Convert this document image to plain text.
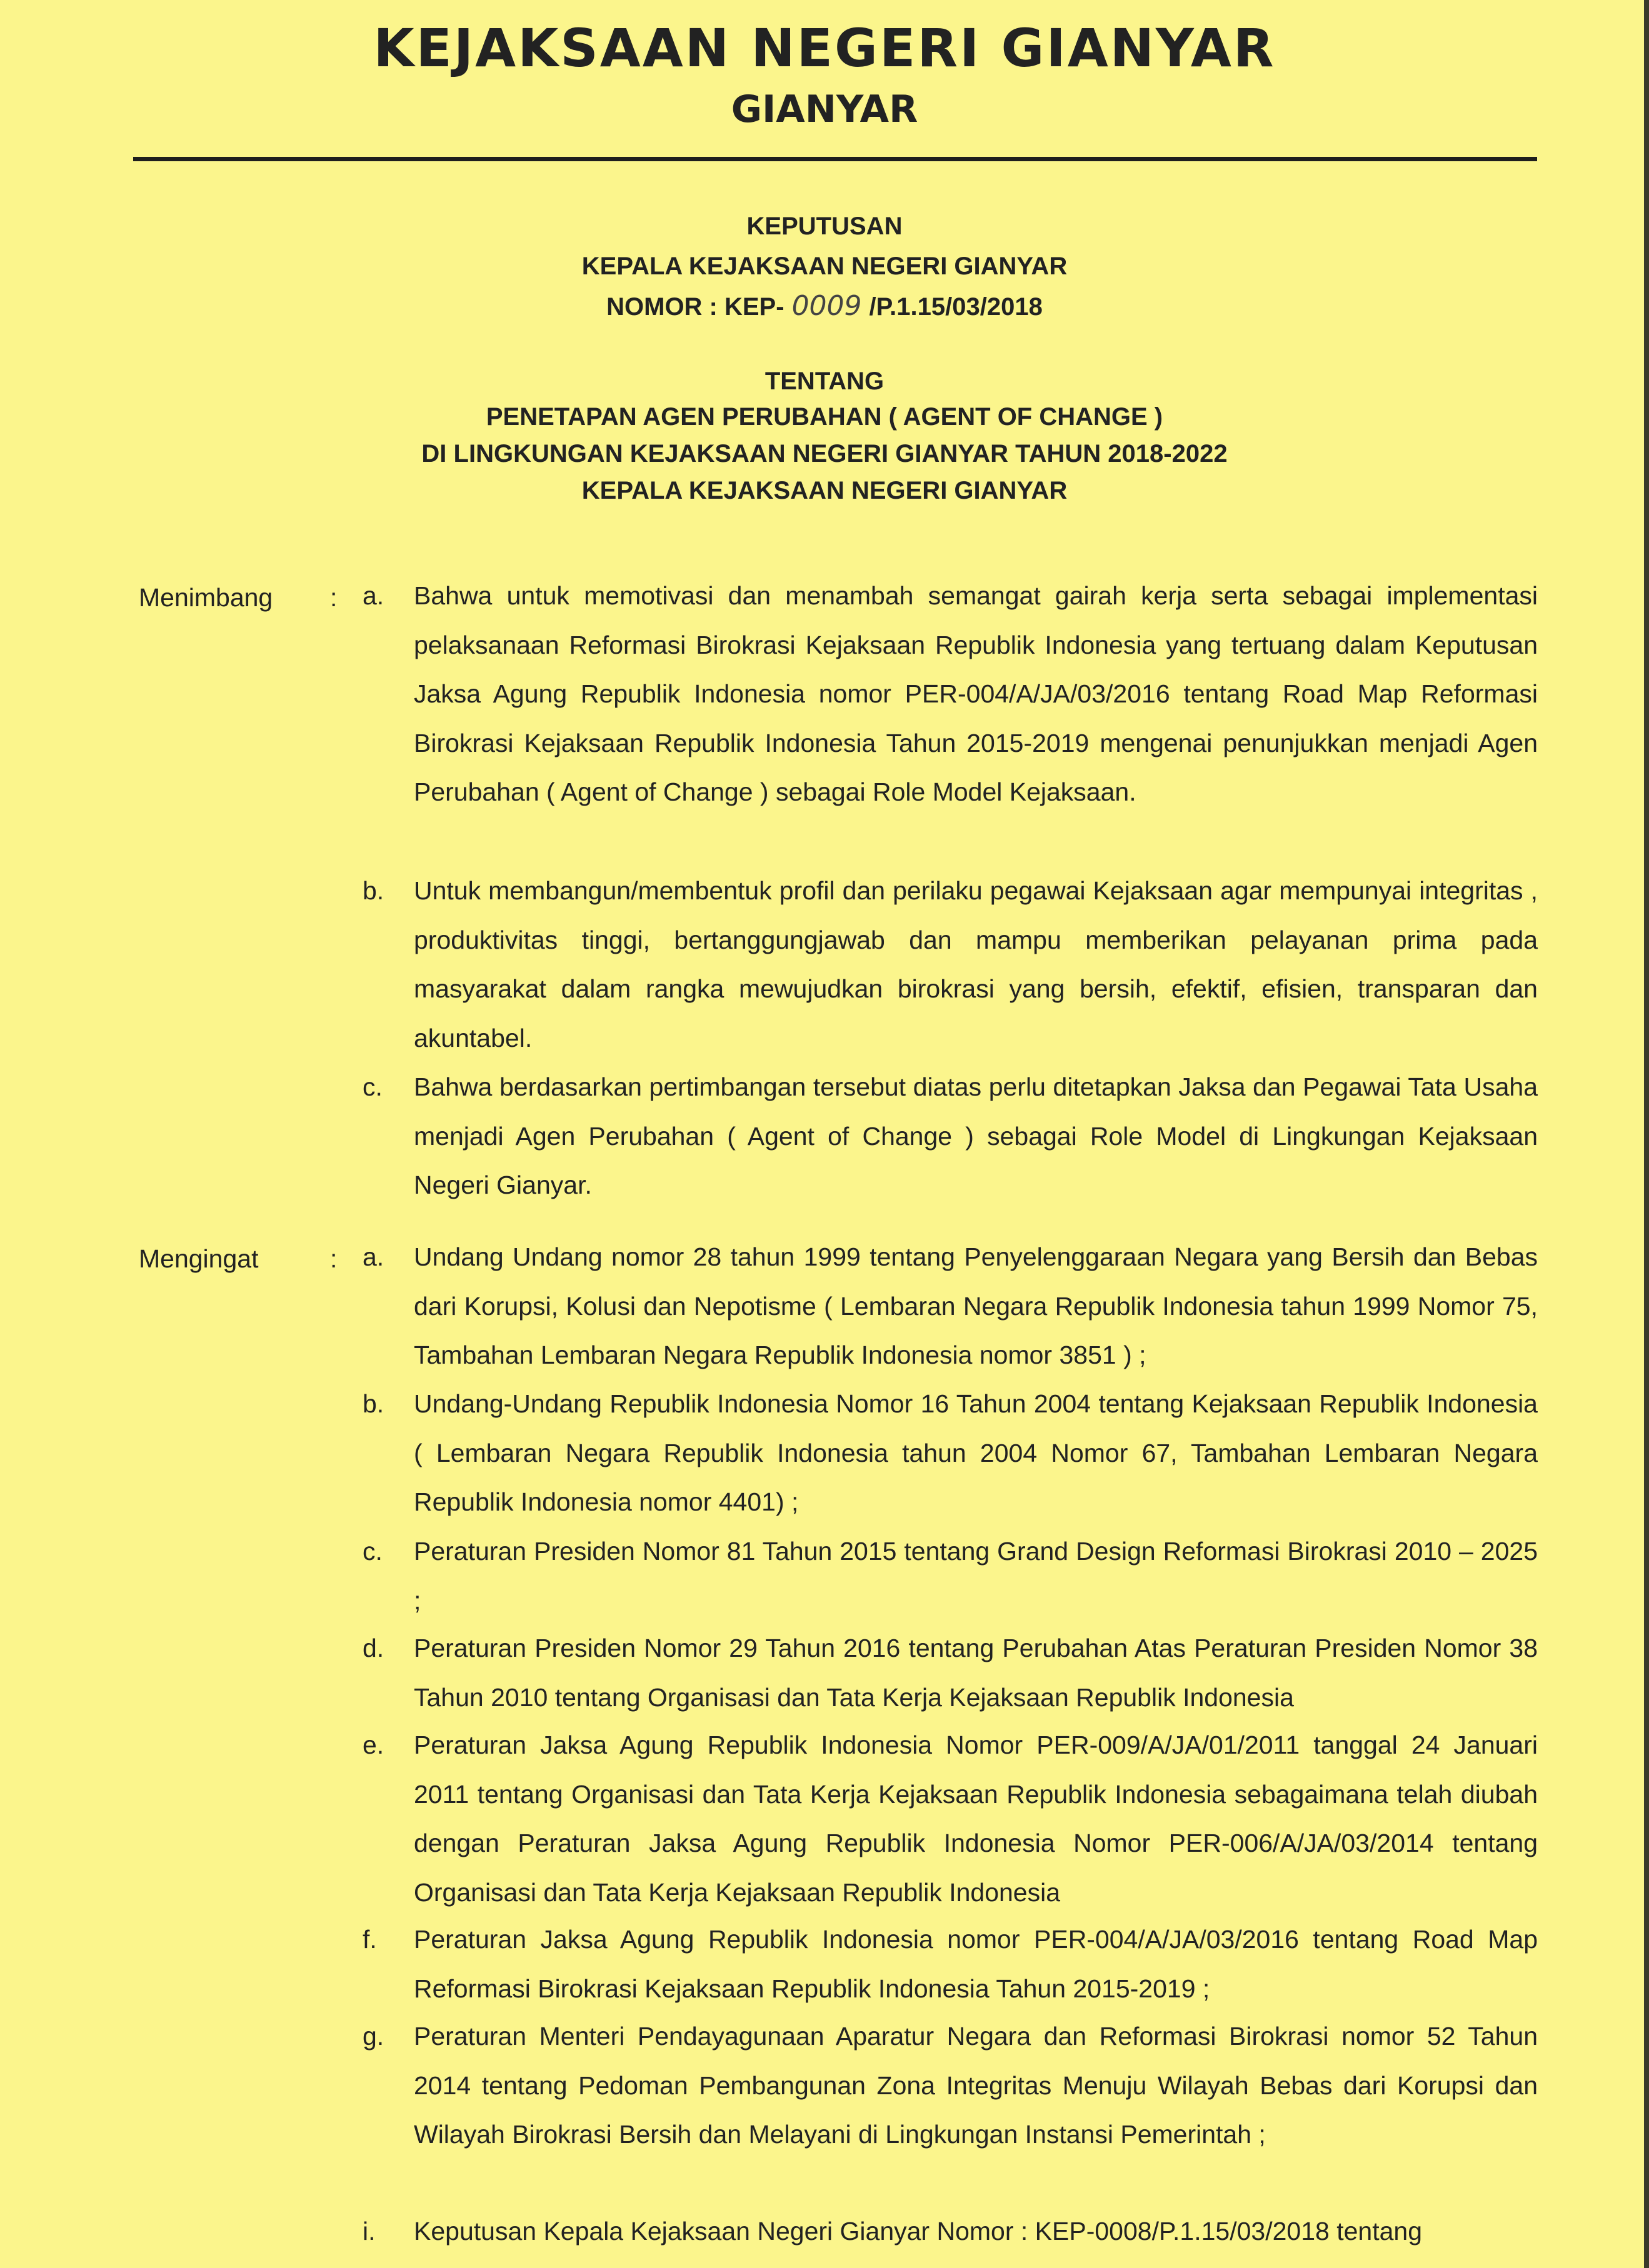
KEJAKSAAN NEGERI GIANYAR
GIANYAR
KEPUTUSAN
KEPALA KEJAKSAAN NEGERI GIANYAR
NOMOR : KEP- 0009 /P.1.15/03/2018
TENTANG
PENETAPAN AGEN PERUBAHAN ( AGENT OF CHANGE )
DI LINGKUNGAN KEJAKSAAN NEGERI GIANYAR TAHUN 2018-2022
KEPALA KEJAKSAAN NEGERI GIANYAR
Menimbang : a.	Bahwa untuk memotivasi dan menambah semangat gairah kerja serta sebagai implementasi pelaksanaan Reformasi Birokrasi Kejaksaan Republik Indonesia yang tertuang dalam Keputusan Jaksa Agung Republik Indonesia nomor PER-004/A/JA/03/2016 tentang Road Map Reformasi Birokrasi Kejaksaan Republik Indonesia Tahun 2015-2019 mengenai penunjukkan menjadi Agen Perubahan ( Agent of Change ) sebagai Role Model Kejaksaan.
b.	Untuk membangun/membentuk profil dan perilaku pegawai Kejaksaan agar mempunyai integritas , produktivitas tinggi, bertanggungjawab dan mampu memberikan pelayanan prima pada masyarakat dalam rangka mewujudkan birokrasi yang bersih, efektif, efisien, transparan dan akuntabel.
c.	Bahwa berdasarkan pertimbangan tersebut diatas perlu ditetapkan Jaksa dan Pegawai Tata Usaha menjadi Agen Perubahan ( Agent of Change ) sebagai Role Model di Lingkungan Kejaksaan Negeri Gianyar.
Mengingat	: a.	Undang Undang nomor 28 tahun 1999 tentang Penyelenggaraan Negara yang Bersih dan Bebas dari Korupsi, Kolusi dan Nepotisme ( Lembaran Negara Republik Indonesia tahun 1999 Nomor 75, Tambahan Lembaran Negara Republik Indonesia nomor 3851 ) ;
b.	Undang-Undang Republik Indonesia Nomor 16 Tahun 2004 tentang Kejaksaan Republik Indonesia ( Lembaran Negara Republik Indonesia tahun 2004 Nomor 67, Tambahan Lembaran Negara Republik Indonesia nomor 4401) ;
c.	Peraturan Presiden Nomor 81 Tahun 2015 tentang Grand Design Reformasi Birokrasi 2010 – 2025 ;
d.	Peraturan Presiden Nomor 29 Tahun 2016 tentang Perubahan Atas Peraturan Presiden Nomor 38 Tahun 2010 tentang Organisasi dan Tata Kerja Kejaksaan Republik Indonesia
e.	Peraturan Jaksa Agung Republik Indonesia Nomor PER-009/A/JA/01/2011 tanggal 24 Januari 2011 tentang Organisasi dan Tata Kerja Kejaksaan Republik Indonesia sebagaimana telah diubah dengan Peraturan Jaksa Agung Republik Indonesia Nomor PER-006/A/JA/03/2014 tentang Organisasi dan Tata Kerja Kejaksaan Republik Indonesia
f.	Peraturan Jaksa Agung Republik Indonesia nomor PER-004/A/JA/03/2016 tentang Road Map Reformasi Birokrasi Kejaksaan Republik Indonesia Tahun 2015-2019 ;
g.	Peraturan Menteri Pendayagunaan Aparatur Negara dan Reformasi Birokrasi nomor 52 Tahun 2014 tentang Pedoman Pembangunan Zona Integritas Menuju Wilayah Bebas dari Korupsi dan Wilayah Birokrasi Bersih dan Melayani di Lingkungan Instansi Pemerintah ;
i.	Keputusan Kepala Kejaksaan Negeri Gianyar Nomor : KEP-0008/P.1.15/03/2018 tentang
